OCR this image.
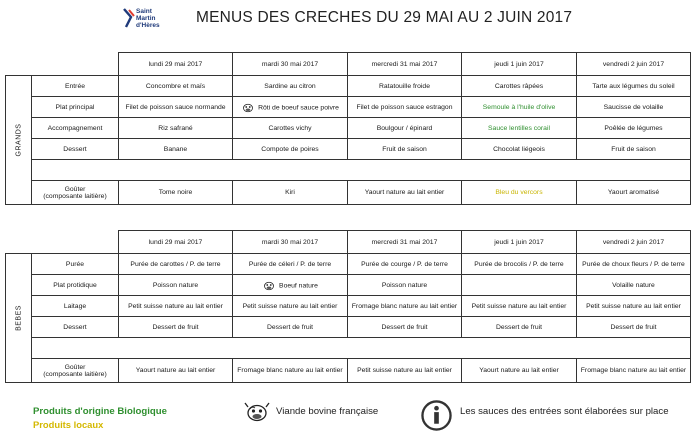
Saint
Martin
d'Hères MENUS DES CRECHES DU 29 MAI AU 2 JUIN 2017
		lundi 29 mai 2017	mardi 30 mai 2017	mercredi 31 mai 2017	jeudi 1 juin 2017	vendredi 2 juin 2017

GRANDS	Entrée	Concombre et maïs	Sardine au citron	Ratatouille froide	Carottes râpées	Tarte aux légumes du soleil
	Plat principal	Filet de poisson sauce normande	Rôti de boeuf sauce poivre	Filet de poisson sauce estragon	Semoule à l'huile d'olive	Saucisse de volaille
	Accompagnement	Riz safrané	Carottes vichy	Boulgour / épinard	Sauce lentilles corail	Poêlée de légumes
	Dessert	Banane	Compote de poires	Fruit de saison	Chocolat liégeois	Fruit de saison

	Goûter
(composante laitière)	Tome noire	Kiri	Yaourt nature au lait entier	Bleu du vercors	Yaourt aromatisé
		lundi 29 mai 2017	mardi 30 mai 2017	mercredi 31 mai 2017	jeudi 1 juin 2017	vendredi 2 juin 2017

BEBES	Purée	Purée de carottes / P. de terre	Purée de céleri / P. de terre	Purée de courge / P. de terre	Purée de brocolis / P. de terre	Purée de choux fleurs / P. de terre
	Plat protidique	Poisson nature	Boeuf nature	Poisson nature		Volaille nature
	Laitage	Petit suisse nature au lait entier	Petit suisse nature au lait entier	Fromage blanc nature au lait entier	Petit suisse nature au lait entier	Petit suisse nature au lait entier
	Dessert	Dessert de fruit	Dessert de fruit	Dessert de fruit	Dessert de fruit	Dessert de fruit

	Goûter
(composante laitière)	Yaourt nature au lait entier	Fromage blanc nature au lait entier	Petit suisse nature au lait entier	Yaourt nature au lait entier	Fromage blanc nature au lait entier
Produits d'origine Biologique
Produits locaux
Viande bovine française	Les sauces des entrées sont élaborées sur place
